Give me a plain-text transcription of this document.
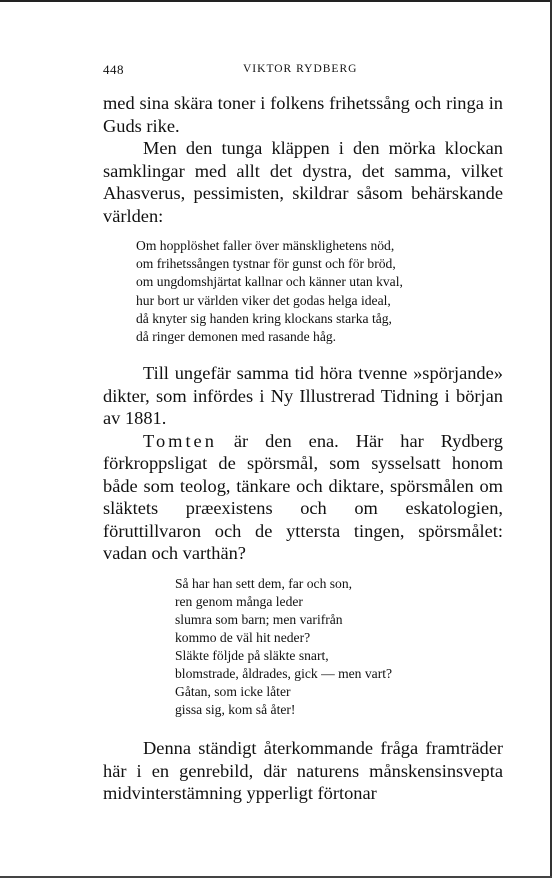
448	VIKTOR RYDBERG

med sina skära toner i folkens frihetssång och ringa in Guds rike.

Men den tunga kläppen i den mörka klockan samklingar med allt det dystra, det samma, vilket Ahasverus, pessimisten, skildrar såsom behärskande världen:

Om hopplöshet faller över mänsklighetens nöd,
om frihetssången tystnar för gunst och för bröd,
om ungdomshjärtat kallnar och känner utan kval,
hur bort ur världen viker det godas helga ideal,
då knyter sig handen kring klockans starka tåg,
då ringer demonen med rasande håg.

Till ungefär samma tid höra tvenne »spörjande» dikter, som infördes i Ny Illustrerad Tidning i början av 1881.

Tomten är den ena. Här har Rydberg förkroppsligat de spörsmål, som sysselsatt honom både som teolog, tänkare och diktare, spörsmålen om släktets præexistens och om eskatologien, föruttillvaron och de yttersta tingen, spörsmålet: vadan och varthän?

Så har han sett dem, far och son,
ren genom många leder
slumra som barn; men varifrån
kommo de väl hit neder?
Släkte följde på släkte snart,
blomstrade, åldrades, gick — men vart?
Gåtan, som icke låter
gissa sig, kom så åter!

Denna ständigt återkommande fråga framträder här i en genrebild, där naturens månskensinsvepta midvinterstämning ypperligt förtonar
